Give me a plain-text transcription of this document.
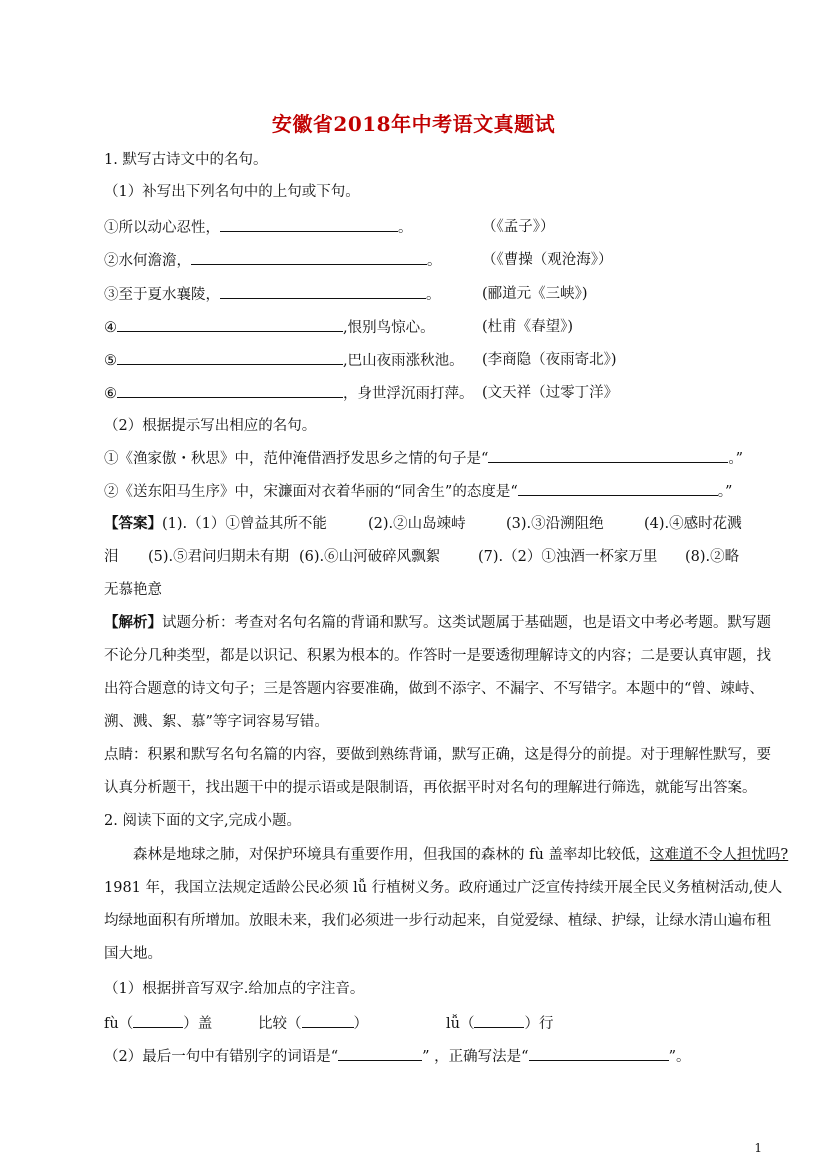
安徽省2018年中考语文真题试
1. 默写古诗文中的名句。
（1）补写出下列名句中的上句或下句。
①所以动心忍性，	。	（《孟子》）
②水何澹澹，	。	（《曹操（观沧海》）
③至于夏水襄陵，	。	(郦道元《三峡》)
④	,恨别鸟惊心。	(杜甫《春望》)
⑤	,巴山夜雨涨秋池。 (李商隐（夜雨寄北》)
⑥	，身世浮沉雨打萍。 (文天祥（过零丁洋》
（2）根据提示写出相应的名句。
①《渔家傲・秋思》中，范仲淹借酒抒发思乡之情的句子是“	。”
②《送东阳马生序》中，宋濂面对衣着华丽的“同舍生”的态度是“	。”
【答案】 (1).（1）①曾益其所不能	(2).②山岛竦峙	(3).③沿溯阻绝	(4).④感时花溅
泪 (5).⑤君问归期未有期 (6).⑥山河破碎风飘絮	(7).（2）①浊酒一杯家万里 (8).②略
无慕艳意
【解析】试题分析：考查对名句名篇的背诵和默写。这类试题属于基础题，也是语文中考必考题。默写题
不论分几种类型，都是以识记、积累为根本的。作答时一是要透彻理解诗文的内容；二是要认真审题，找
出符合题意的诗文句子；三是答题内容要准确，做到不添字、不漏字、不写错字。本题中的“曾、竦峙、
溯、溅、絮、慕”等字词容易写错。
点睛：积累和默写名句名篇的内容，要做到熟练背诵，默写正确，这是得分的前提。对于理解性默写，要
认真分析题干，找出题干中的提示语或是限制语，再依据平时对名句的理解进行筛选，就能写出答案。
2. 阅读下面的文字,完成小题。
森林是地球之肺，对保护环境具有重要作用，但我国的森林的 fù 盖率却比较低，这难道不令人担忧吗?
1981 年，我国立法规定适龄公民必须 lǚ 行植树义务。政府通过广泛宣传持续开展全民义务植树活动,使人
均绿地面积有所增加。放眼未来，我们必须进一步行动起来，自觉爱绿、植绿、护绿，让绿水清山遍布租
国大地。
（1）根据拼音写双字.给加点的字注音。
fù（	）盖	比较（	）	lǚ（	）行
（2）最后一句中有错别字的词语是“	” ，正确写法是“	”。
1
